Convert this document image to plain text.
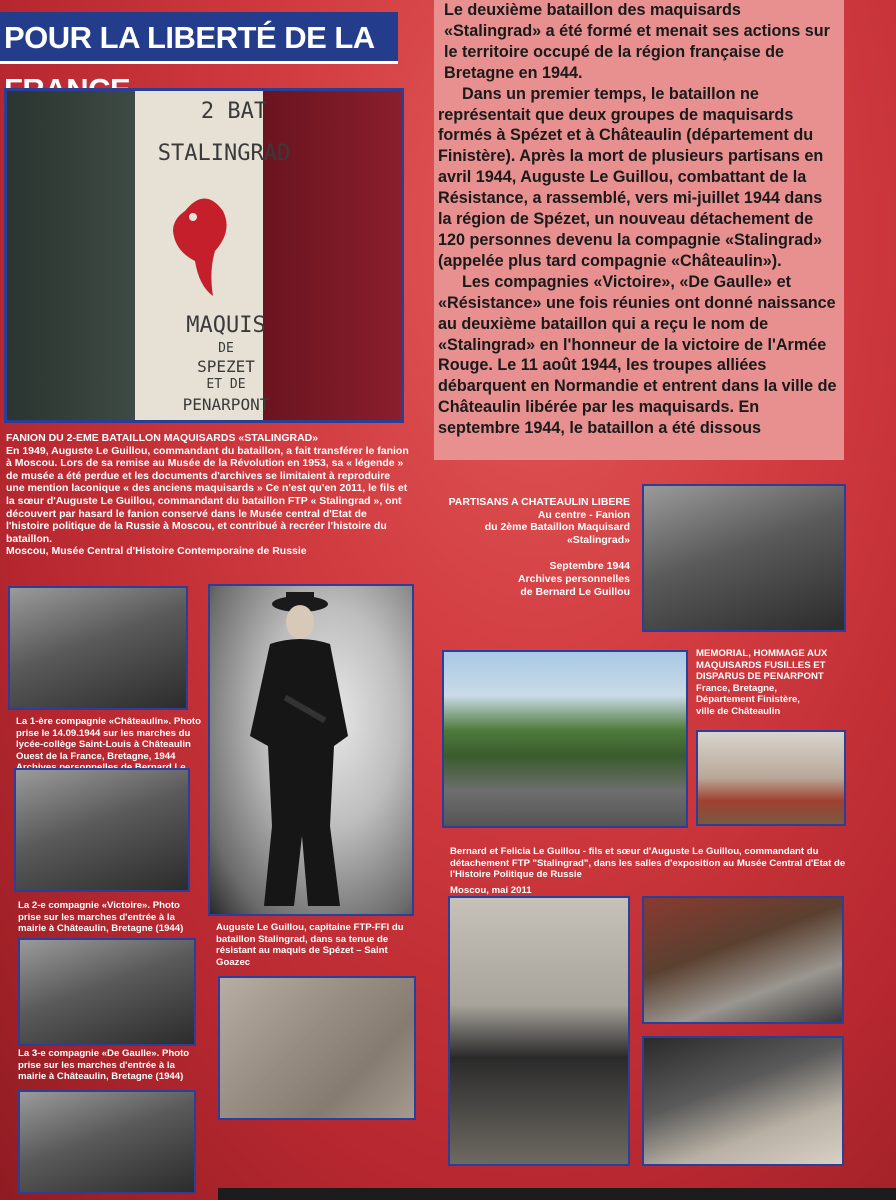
POUR LA LIBERTÉ DE LA

Le deuxième bataillon des maquisards «Stalingrad» a été formé et menait ses actions sur le territoire occupé de la région française de Bretagne en 1944.

Dans un premier temps, le bataillon ne représentait que deux groupes de maquisards formés à Spézet et à Châteaulin (département du Finistère). Après la mort de plusieurs partisans en avril 1944, Auguste Le Guillou, combattant de la Résistance, a rassemblé, vers mi-juillet 1944 dans la région de Spézet, un nouveau détachement de 120 personnes devenu la compagnie «Stalingrad» (appelée plus tard compagnie «Châteaulin»).

Les compagnies «Victoire», «De Gaulle» et «Résistance» une fois réunies ont donné naissance au deuxième bataillon qui a reçu le nom de «Stalingrad» en l'honneur de la victoire de l'Armée Rouge. Le 11 août 1944, les troupes alliées débarquent en Normandie et entrent dans la ville de Châteaulin libérée par les maquisards. En septembre 1944, le bataillon a été dissous

2 BAT
STALINGRAD
MAQUIS
DE
SPEZET
ET DE
PENARPONT
FANION DU 2-EME BATAILLON MAQUISARDS «STALINGRAD»
En 1949, Auguste Le Guillou, commandant du bataillon, a fait transférer le fanion à Moscou. Lors de sa remise au Musée de la Révolution en 1953, sa « légende » de musée a été perdue et les documents d'archives se limitaient à reproduire une mention laconique « des anciens maquisards » Ce n'est qu'en 2011, le fils et la sœur d'Auguste Le Guillou, commandant du bataillon FTP « Stalingrad », ont découvert par hasard le fanion conservé dans le Musée central d'Etat de l'histoire politique de la Russie à Moscou, et contribué à recréer l'histoire du bataillon.
Moscou, Musée Central d'Histoire Contemporaine de Russie
PARTISANS A CHATEAULIN LIBERE
Au centre - Fanion
du 2ème Bataillon Maquisard
«Stalingrad»
Septembre 1944
Archives personnelles
de Bernard Le Guillou
MEMORIAL, HOMMAGE AUX MAQUISARDS FUSILLES ET DISPARUS DE PENARPONT
France, Bretagne,
Département Finistère,
ville de Châteaulin
La 1-ère compagnie «Châteaulin». Photo prise le 14.09.1944 sur les marches du lycée-collège Saint-Louis à Châteaulin Ouest de la France, Bretagne, 1944
La 2-e compagnie «Victoire». Photo prise sur les marches d'entrée à la mairie à Châteaulin, Bretagne (1944)
La 3-e compagnie «De Gaulle». Photo prise sur les marches d'entrée à la mairie à Châteaulin, Bretagne (1944)
Auguste Le Guillou, capitaine FTP-FFI du bataillon Stalingrad, dans sa tenue de résistant au maquis de Spézet – Saint Goazec
Bernard et Felicia Le Guillou - fils et sœur d'Auguste Le Guillou, commandant du détachement FTP "Stalingrad", dans les salles d'exposition au Musée Central d'Etat de l'Histoire Politique de Russie
Moscou, mai 2011
